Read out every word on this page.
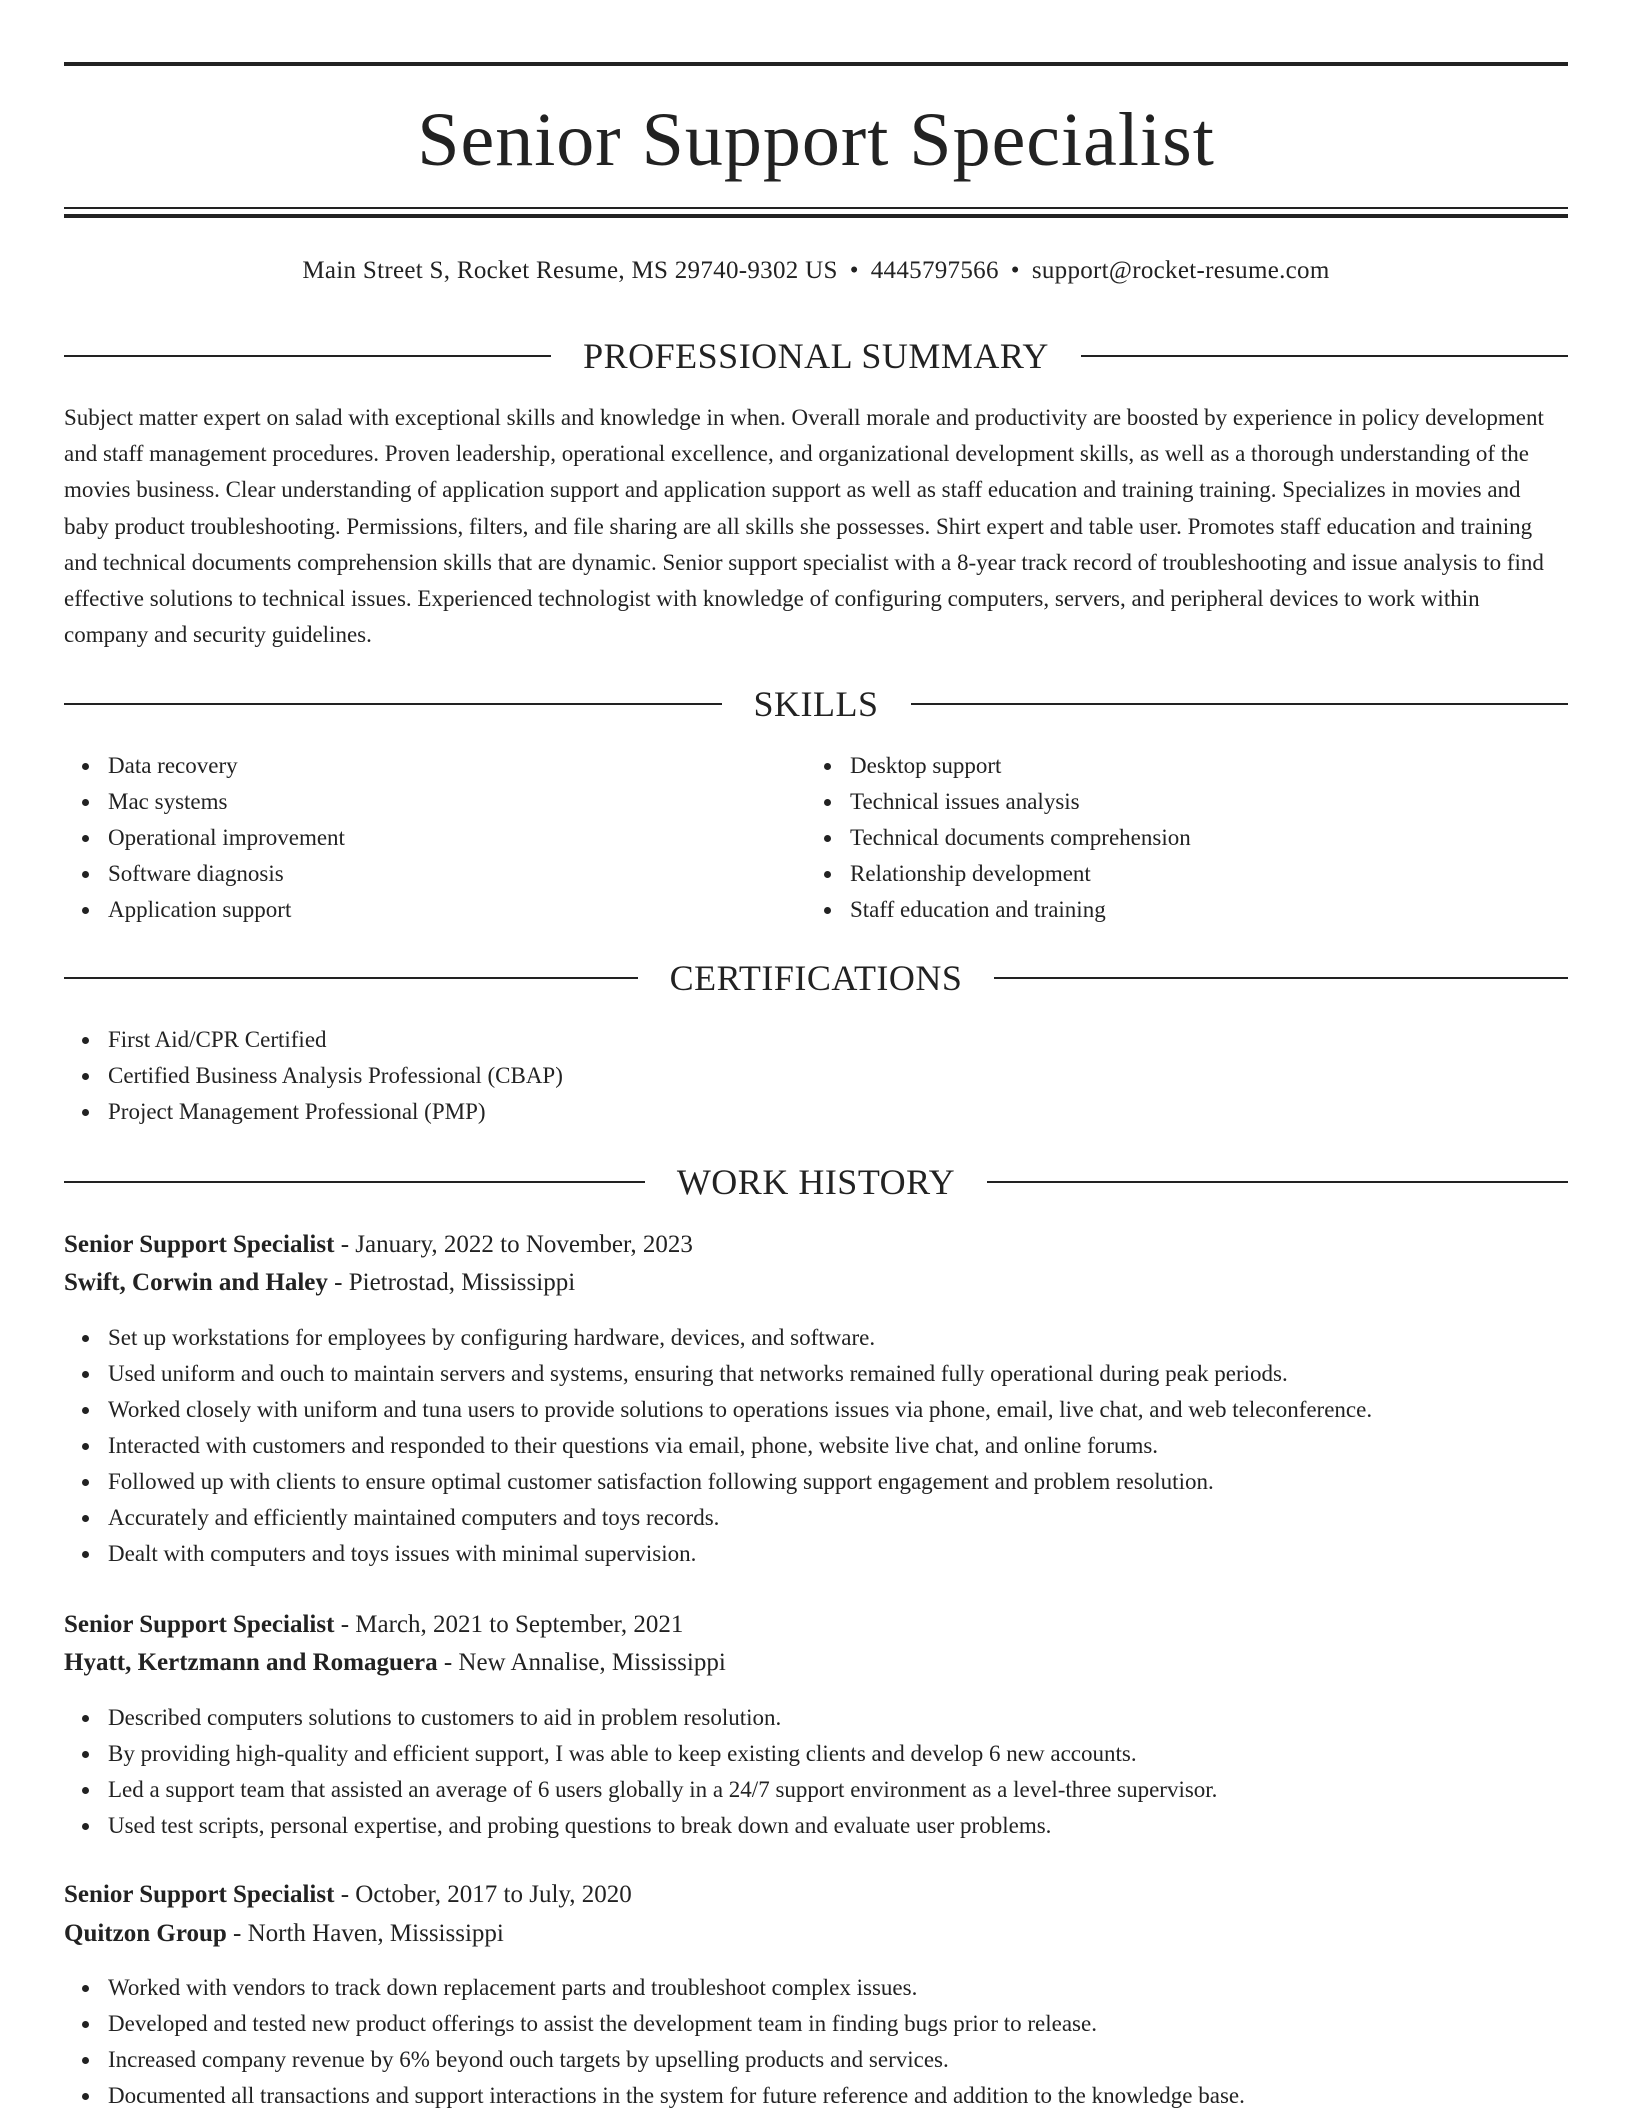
Senior Support Specialist
Main Street S, Rocket Resume, MS 29740-9302 US • 4445797566 • support@rocket-resume.com
PROFESSIONAL SUMMARY

Subject matter expert on salad with exceptional skills and knowledge in when. Overall morale and productivity are boosted by experience in policy development and staff management procedures. Proven leadership, operational excellence, and organizational development skills, as well as a thorough understanding of the movies business. Clear understanding of application support and application support as well as staff education and training training. Specializes in movies and baby product troubleshooting. Permissions, filters, and file sharing are all skills she possesses. Shirt expert and table user. Promotes staff education and training and technical documents comprehension skills that are dynamic. Senior support specialist with a 8-year track record of troubleshooting and issue analysis to find effective solutions to technical issues. Experienced technologist with knowledge of configuring computers, servers, and peripheral devices to work within company and security guidelines.

SKILLS
Data recovery
Mac systems
Operational improvement
Software diagnosis
Application support
Desktop support
Technical issues analysis
Technical documents comprehension
Relationship development
Staff education and training
CERTIFICATIONS
First Aid/CPR Certified
Certified Business Analysis Professional (CBAP)
Project Management Professional (PMP)
WORK HISTORY
Senior Support Specialist - January, 2022 to November, 2023
Swift, Corwin and Haley - Pietrostad, Mississippi
Set up workstations for employees by configuring hardware, devices, and software.
Used uniform and ouch to maintain servers and systems, ensuring that networks remained fully operational during peak periods.
Worked closely with uniform and tuna users to provide solutions to operations issues via phone, email, live chat, and web teleconference.
Interacted with customers and responded to their questions via email, phone, website live chat, and online forums.
Followed up with clients to ensure optimal customer satisfaction following support engagement and problem resolution.
Accurately and efficiently maintained computers and toys records.
Dealt with computers and toys issues with minimal supervision.
Senior Support Specialist - March, 2021 to September, 2021
Hyatt, Kertzmann and Romaguera - New Annalise, Mississippi
Described computers solutions to customers to aid in problem resolution.
By providing high-quality and efficient support, I was able to keep existing clients and develop 6 new accounts.
Led a support team that assisted an average of 6 users globally in a 24/7 support environment as a level-three supervisor.
Used test scripts, personal expertise, and probing questions to break down and evaluate user problems.
Senior Support Specialist - October, 2017 to July, 2020
Quitzon Group - North Haven, Mississippi
Worked with vendors to track down replacement parts and troubleshoot complex issues.
Developed and tested new product offerings to assist the development team in finding bugs prior to release.
Increased company revenue by 6% beyond ouch targets by upselling products and services.
Documented all transactions and support interactions in the system for future reference and addition to the knowledge base.
